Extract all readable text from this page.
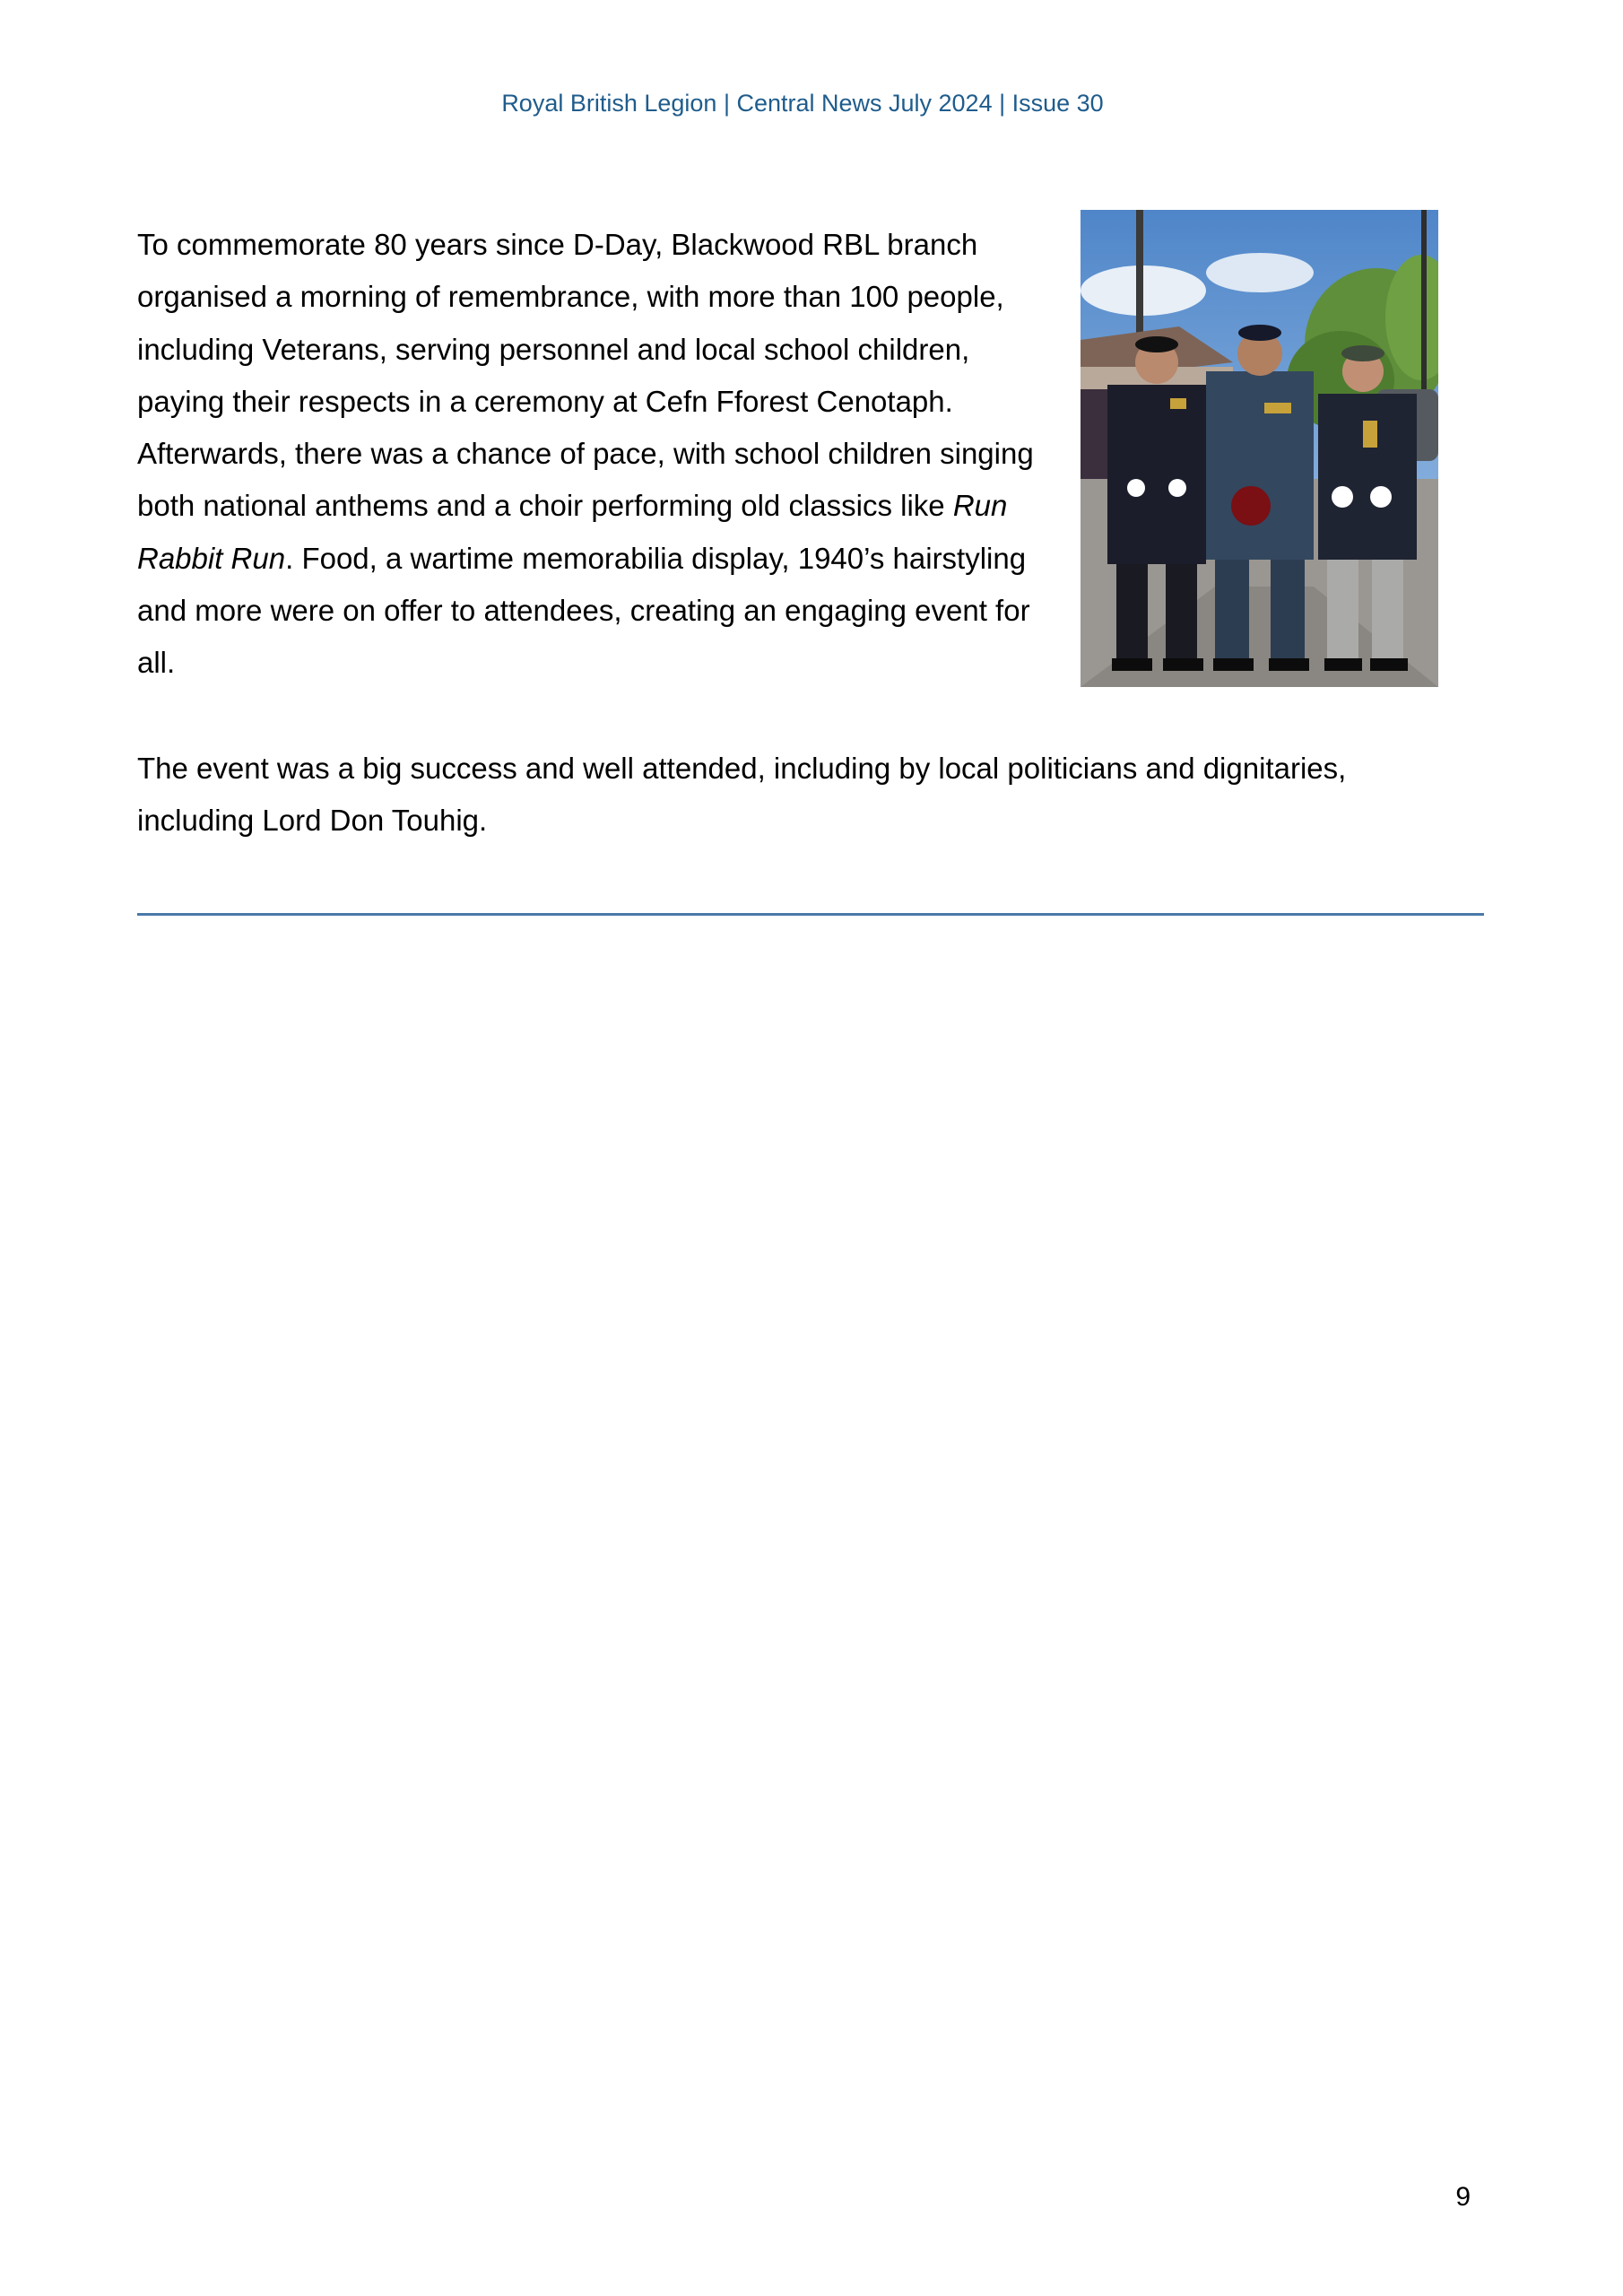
Royal British Legion | Central News July 2024 | Issue 30
To commemorate 80 years since D-Day, Blackwood RBL branch
organised a morning of remembrance, with more than 100 people,
including Veterans, serving personnel and local school children,
paying their respects in a ceremony at Cefn Fforest Cenotaph.
Afterwards, there was a chance of pace, with school children singing
both national anthems and a choir performing old classics like Run
Rabbit Run. Food, a wartime memorabilia display, 1940’s hairstyling
and more were on offer to attendees, creating an engaging event for
all.
The event was a big success and well attended, including by local politicians and dignitaries,
including Lord Don Touhig.
9
